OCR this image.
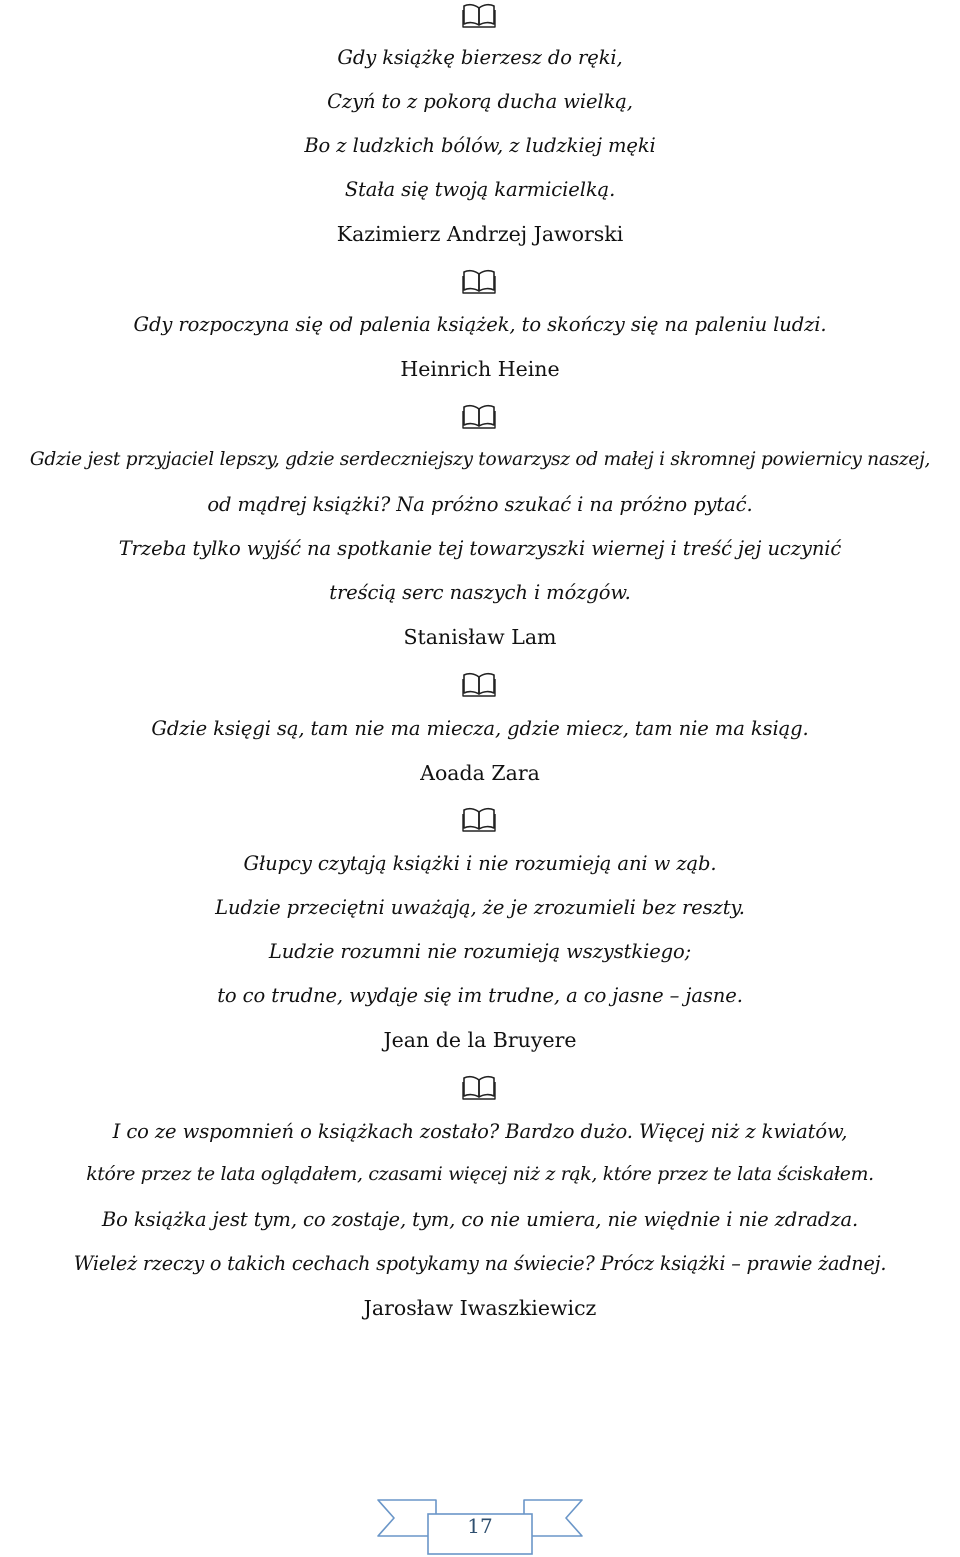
Gdy książkę bierzesz do ręki,
Czyń to z pokorą ducha wielką,
Bo z ludzkich bólów, z ludzkiej męki
Stała się twoją karmicielką.
Kazimierz Andrzej Jaworski
Gdy rozpoczyna się od palenia książek, to skończy się na paleniu ludzi.
Heinrich Heine
Gdzie jest przyjaciel lepszy, gdzie serdeczniejszy towarzysz od małej i skromnej powiernicy naszej,
od mądrej książki? Na próżno szukać i na próżno pytać.
Trzeba tylko wyjść na spotkanie tej towarzyszki wiernej i treść jej uczynić
treścią serc naszych i mózgów.
Stanisław Lam
Gdzie księgi są, tam nie ma miecza, gdzie miecz, tam nie ma ksiąg.
Aoada Zara
Głupcy czytają książki i nie rozumieją ani w ząb.
Ludzie przeciętni uważają, że je zrozumieli bez reszty.
Ludzie rozumni nie rozumieją wszystkiego;
to co trudne, wydaje się im trudne, a co jasne – jasne.
Jean de la Bruyere
I co ze wspomnień o książkach zostało? Bardzo dużo. Więcej niż z kwiatów,
które przez te lata oglądałem, czasami więcej niż z rąk, które przez te lata ściskałem.
Bo książka jest tym, co zostaje, tym, co nie umiera, nie więdnie i nie zdradza.
Wieleż rzeczy o takich cechach spotykamy na świecie? Prócz książki – prawie żadnej.
Jarosław Iwaszkiewicz
17
